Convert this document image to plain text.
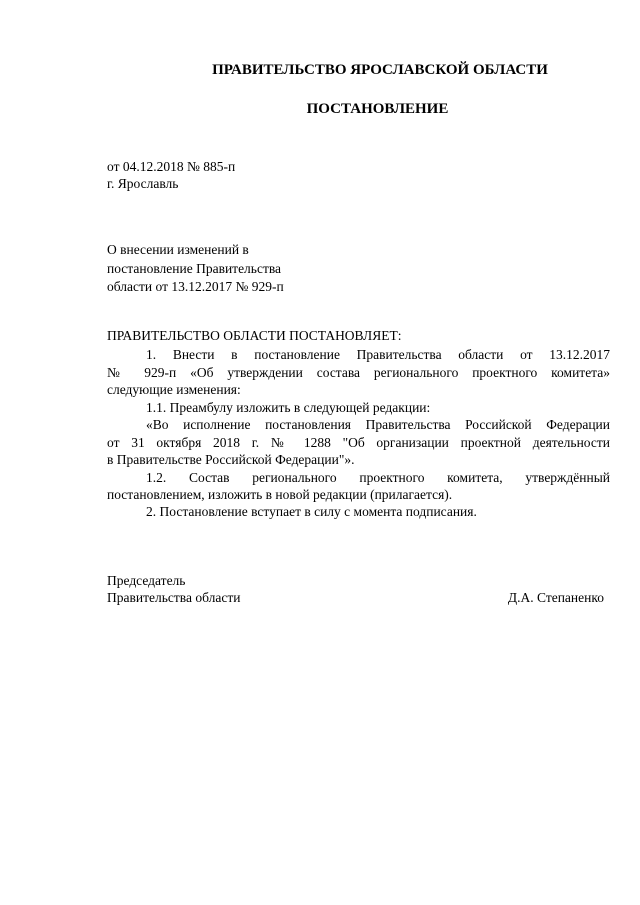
ПРАВИТЕЛЬСТВО ЯРОСЛАВСКОЙ ОБЛАСТИ
ПОСТАНОВЛЕНИЕ
от 04.12.2018 № 885-п
г. Ярославль
О внесении изменений в
постановление Правительства
области от 13.12.2017 № 929-п
ПРАВИТЕЛЬСТВО ОБЛАСТИ ПОСТАНОВЛЯЕТ:
1. Внести в постановление Правительства области от 13.12.2017
№ 929-п «Об утверждении состава регионального проектного комитета»
следующие изменения:
1.1. Преамбулу изложить в следующей редакции:
«Во исполнение постановления Правительства Российской Федерации
от 31 октября 2018 г. № 1288 "Об организации проектной деятельности
в Правительстве Российской Федерации"».
1.2. Состав регионального проектного комитета, утверждённый
постановлением, изложить в новой редакции (прилагается).
2. Постановление вступает в силу с момента подписания.
Председатель
Правительства области	Д.А. Степаненко
